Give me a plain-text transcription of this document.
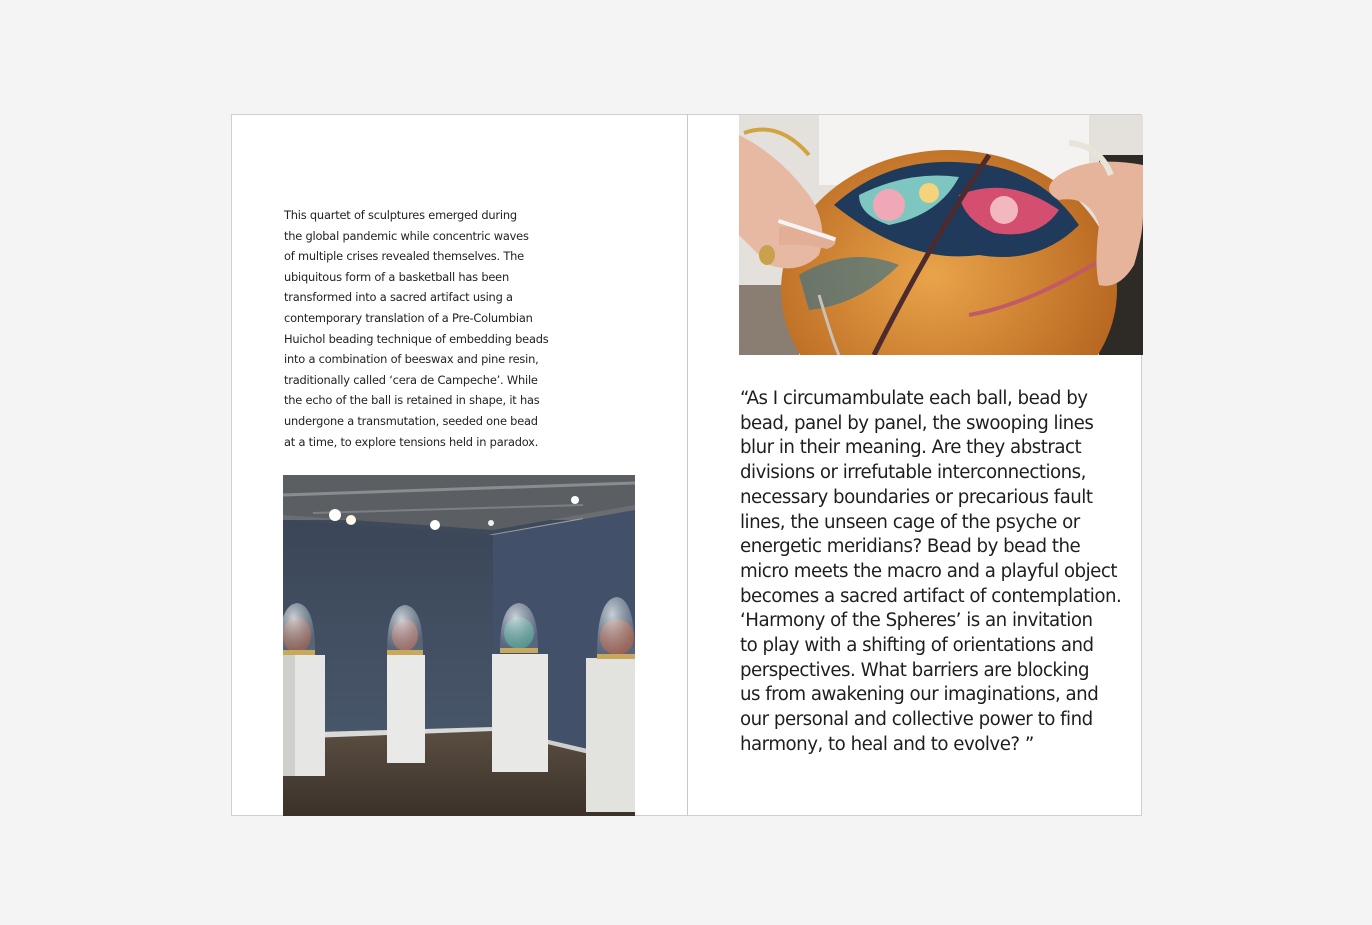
This quartet of sculptures emerged during
the global pandemic while concentric waves
of multiple crises revealed themselves. The
ubiquitous form of a basketball has been
transformed into a sacred artifact using a
contemporary translation of a Pre-Columbian
Huichol beading technique of embedding beads
into a combination of beeswax and pine resin,
traditionally called ‘cera de Campeche’. While
the echo of the ball is retained in shape, it has
undergone a transmutation, seeded one bead
at a time, to explore tensions held in paradox.
“As I circumambulate each ball, bead by
bead, panel by panel, the swooping lines
blur in their meaning. Are they abstract
divisions or irrefutable interconnections,
necessary boundaries or precarious fault
lines, the unseen cage of the psyche or
energetic meridians? Bead by bead the
micro meets the macro and a playful object
becomes a sacred artifact of contemplation.
‘Harmony of the Spheres’ is an invitation
to play with a shifting of orientations and
perspectives. What barriers are blocking
us from awakening our imaginations, and
our personal and collective power to find
harmony, to heal and to evolve? ”
